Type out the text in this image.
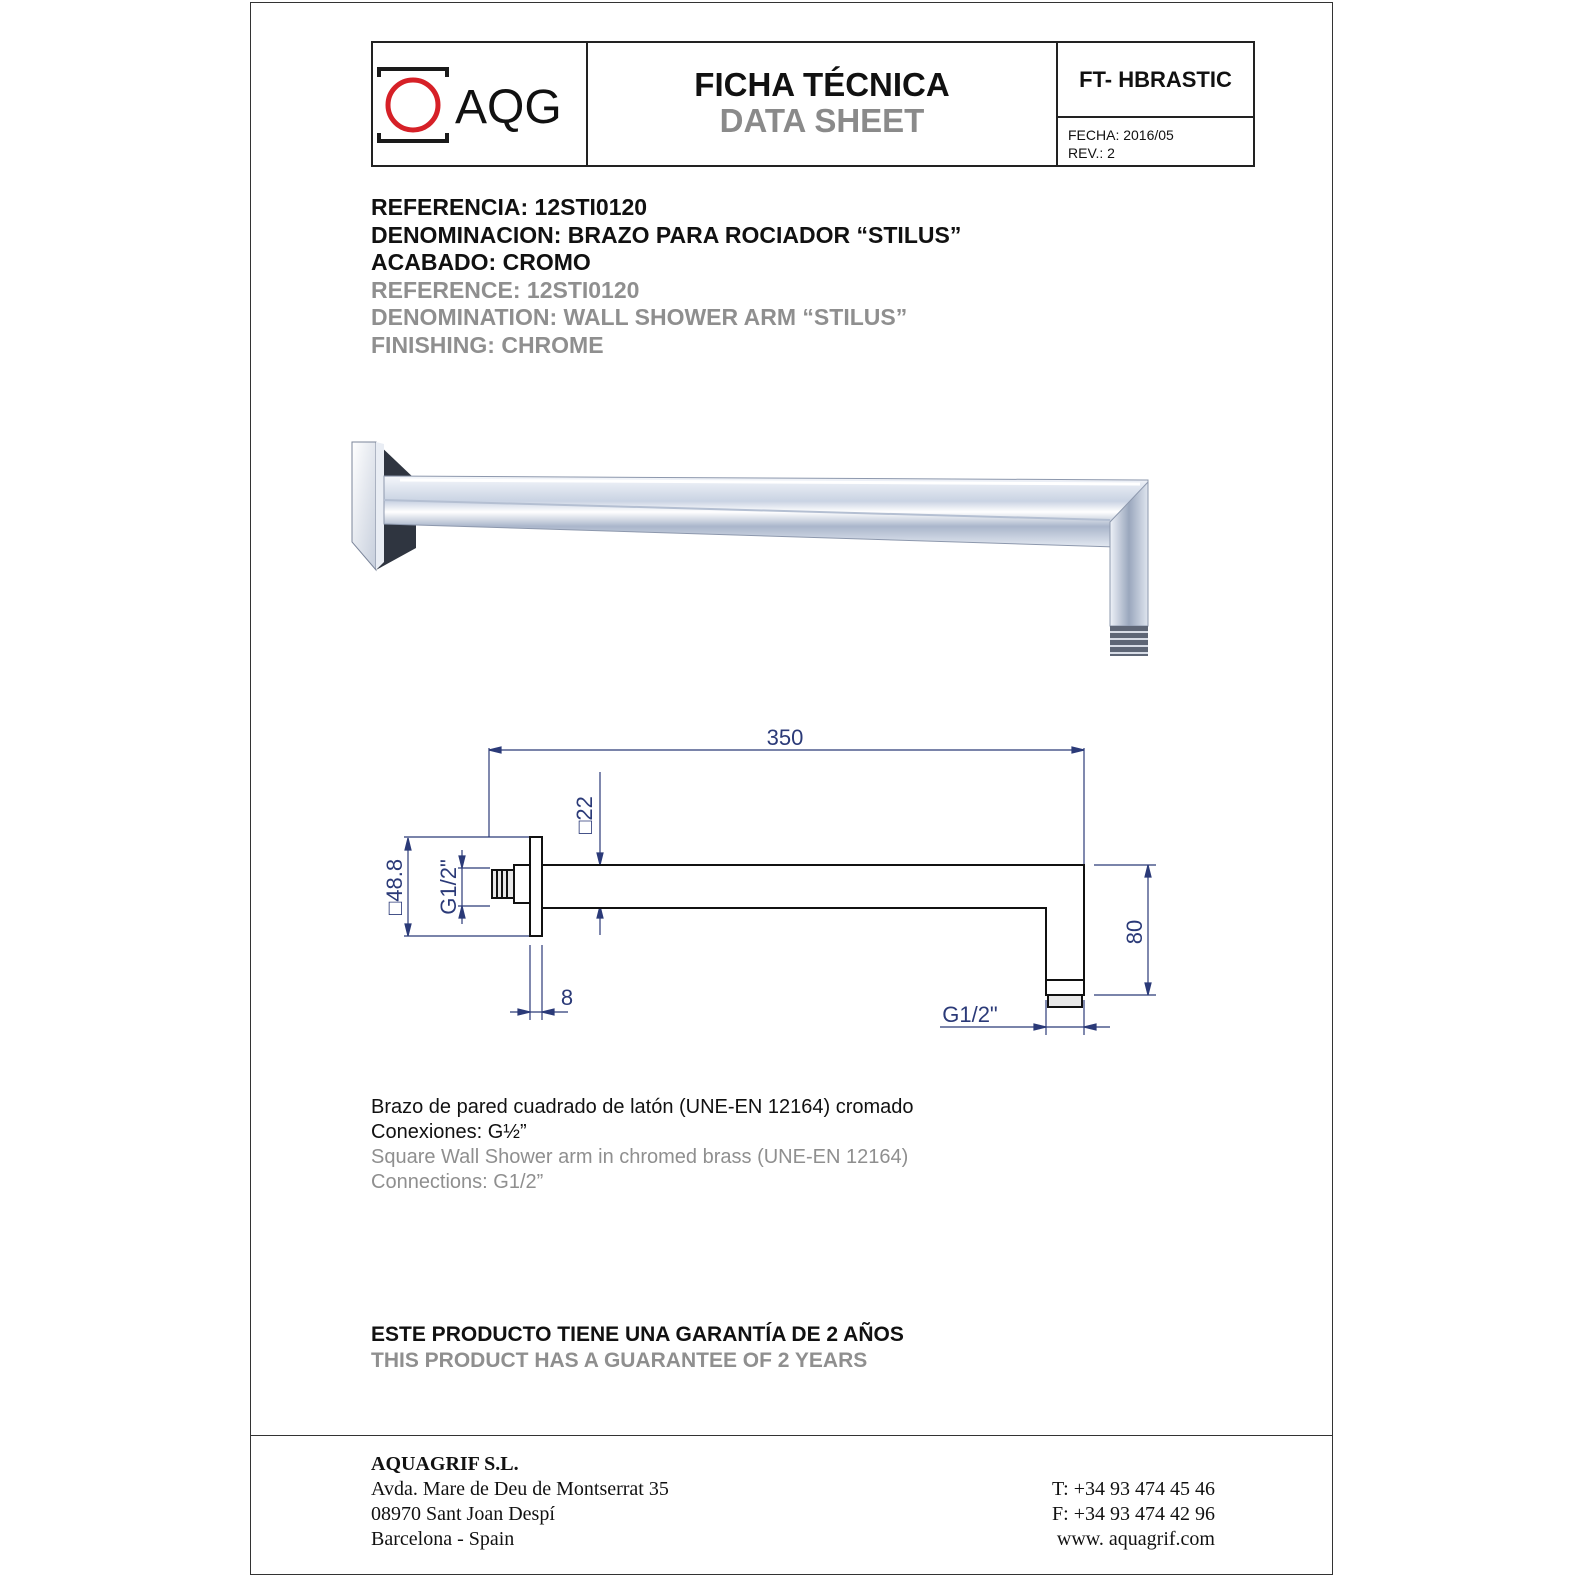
AQG	FICHA TÉCNICA
DATA SHEET
FT- HBRASTIC
FECHA: 2016/05
REV.: 2
REFERENCIA: 12STI0120
DENOMINACION: BRAZO PARA ROCIADOR “STILUS”
ACABADO: CROMO
REFERENCE: 12STI0120
DENOMINATION: WALL SHOWER ARM “STILUS”
FINISHING: CHROME
350
□22
□48.8 G1/2"
8
80
G1/2"
Brazo de pared cuadrado de latón (UNE-EN 12164) cromado
Conexiones: G½”
Square Wall Shower arm in chromed brass (UNE-EN 12164)
Connections: G1/2”
ESTE PRODUCTO TIENE UNA GARANTÍA DE 2 AÑOS
THIS PRODUCT HAS A GUARANTEE OF 2 YEARS
AQUAGRIF S.L.
Avda. Mare de Deu de Montserrat 35
08970 Sant Joan Despí
Barcelona - Spain
T: +34 93 474 45 46
F: +34 93 474 42 96
www. aquagrif.com
